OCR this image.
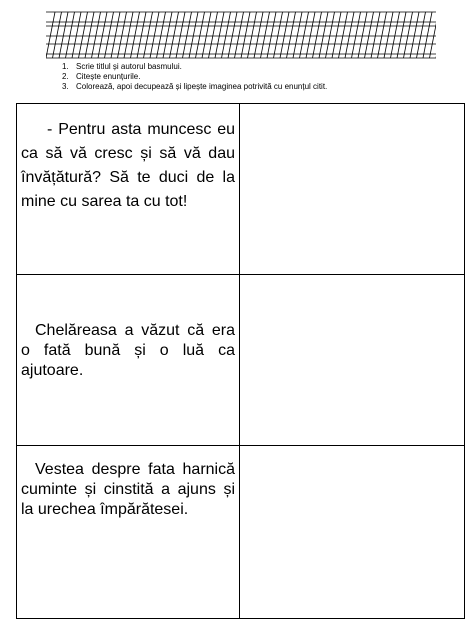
1. Scrie titlul și autorul basmului.
2. Citește enunțurile.
3. Colorează, apoi decupează și lipește imaginea potrivită cu enunțul citit.

- Pentru asta muncesc eu ca să vă cresc și să vă dau învățătură? Să te duci de la mine cu sarea ta cu tot!	

Chelăreasa a văzut că era o fată bună și o luă ca ajutoare.	

Vestea despre fata harnică cuminte și cinstită a ajuns și la urechea împărătesei.	
